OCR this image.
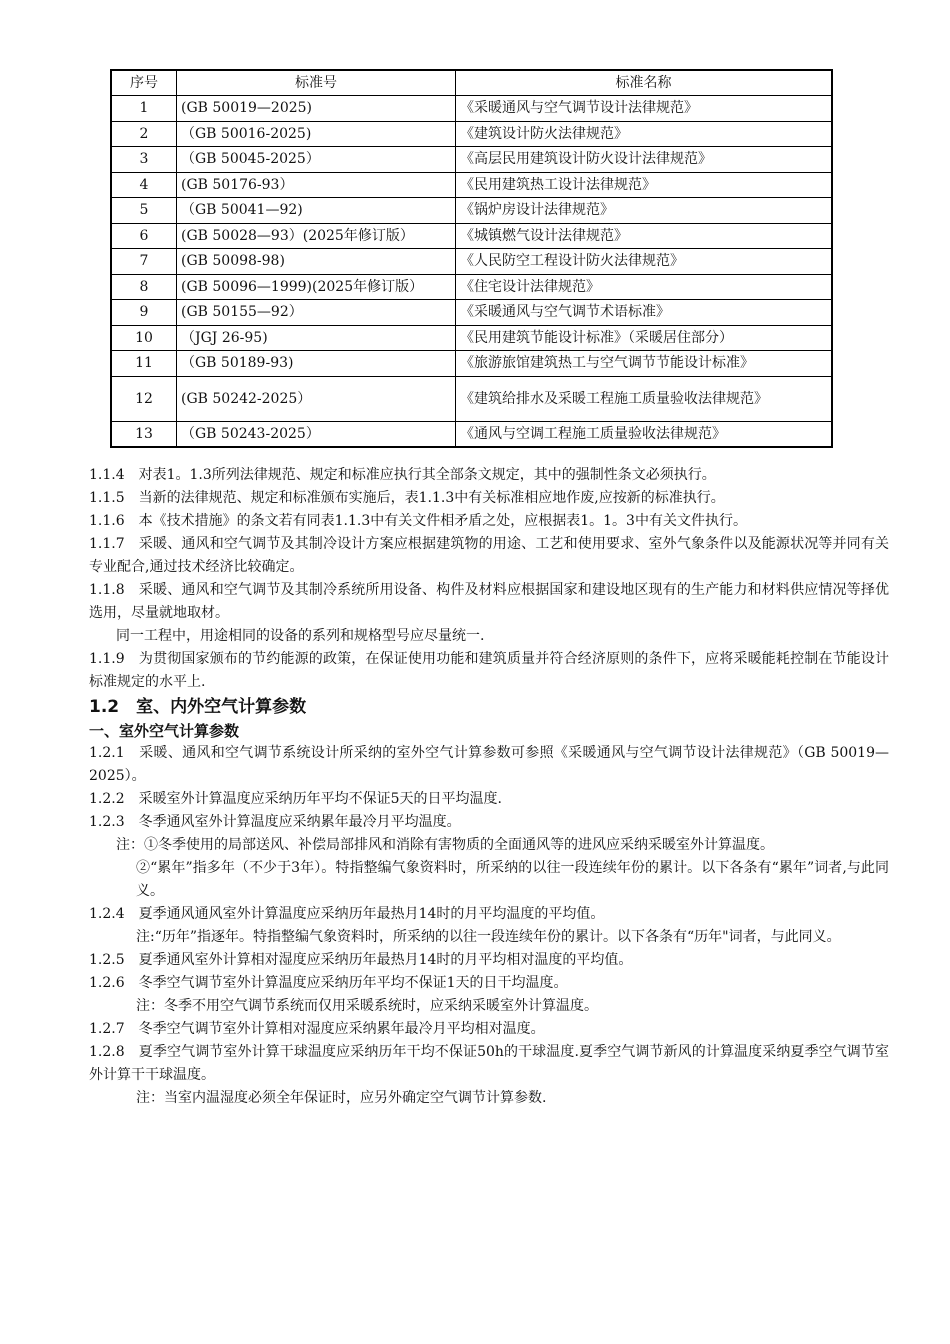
序号	标准号	标准名称
1	(GB 50019—2025)	《采暖通风与空气调节设计法律规范》
2	（GB 50016-2025)	《建筑设计防火法律规范》
3	（GB 50045-2025）	《高层民用建筑设计防火设计法律规范》
4	(GB 50176-93）	《民用建筑热工设计法律规范》
5	（GB 50041—92)	《锅炉房设计法律规范》
6	(GB 50028—93）(2025年修订版）	《城镇燃气设计法律规范》
7	(GB 50098-98)	《人民防空工程设计防火法律规范》
8	(GB 50096—1999)(2025年修订版）	《住宅设计法律规范》
9	(GB 50155—92）	《采暖通风与空气调节术语标准》
10	（JGJ 26-95)	《民用建筑节能设计标准》（采暖居住部分）
11	（GB 50189-93)	《旅游旅馆建筑热工与空气调节节能设计标准》
12	(GB 50242-2025）	《建筑给排水及采暖工程施工质量验收法律规范》
13	（GB 50243-2025）	《通风与空调工程施工质量验收法律规范》

1.1.4　对表1。1.3所列法律规范、规定和标准应执行其全部条文规定，其中的强制性条文必须执行。

1.1.5　当新的法律规范、规定和标准颁布实施后，表1.1.3中有关标准相应地作废,应按新的标准执行。

1.1.6　本《技术措施》的条文若有同表1.1.3中有关文件相矛盾之处，应根据表1。1。3中有关文件执行。

1.1.7　采暖、通风和空气调节及其制冷设计方案应根据建筑物的用途、工艺和使用要求、室外气象条件以及能源状况等并同有关专业配合,通过技术经济比较确定。

1.1.8　采暖、通风和空气调节及其制冷系统所用设备、构件及材料应根据国家和建设地区现有的生产能力和材料供应情况等择优选用，尽量就地取材。

同一工程中，用途相同的设备的系列和规格型号应尽量统一.

1.1.9　为贯彻国家颁布的节约能源的政策，在保证使用功能和建筑质量并符合经济原则的条件下，应将采暖能耗控制在节能设计标准规定的水平上.

1.2　室、内外空气计算参数

一、室外空气计算参数

1.2.1　采暖、通风和空气调节系统设计所采纳的室外空气计算参数可参照《采暖通风与空气调节设计法律规范》（GB 50019—2025）。

1.2.2　采暖室外计算温度应采纳历年平均不保证5天的日平均温度.

1.2.3　冬季通风室外计算温度应采纳累年最冷月平均温度。

注：①冬季使用的局部送风、补偿局部排风和消除有害物质的全面通风等的进风应采纳采暖室外计算温度。

②“累年”指多年（不少于3年）。特指整编气象资料时，所采纳的以往一段连续年份的累计。以下各条有“累年”词者,与此同义。

1.2.4　夏季通风通风室外计算温度应采纳历年最热月14时的月平均温度的平均值。

注:“历年”指逐年。特指整编气象资料时，所采纳的以往一段连续年份的累计。以下各条有“历年"词者，与此同义。

1.2.5　夏季通风室外计算相对湿度应采纳历年最热月14时的月平均相对温度的平均值。

1.2.6　冬季空气调节室外计算温度应采纳历年平均不保证1天的日干均温度。

注：冬季不用空气调节系统而仅用采暖系统时，应采纳采暖室外计算温度。

1.2.7　冬季空气调节室外计算相对湿度应采纳累年最冷月平均相对温度。

1.2.8　夏季空气调节室外计算干球温度应采纳历年干均不保证50h的干球温度.夏季空气调节新风的计算温度采纳夏季空气调节室外计算干干球温度。

注：当室内温湿度必须全年保证时，应另外确定空气调节计算参数.
